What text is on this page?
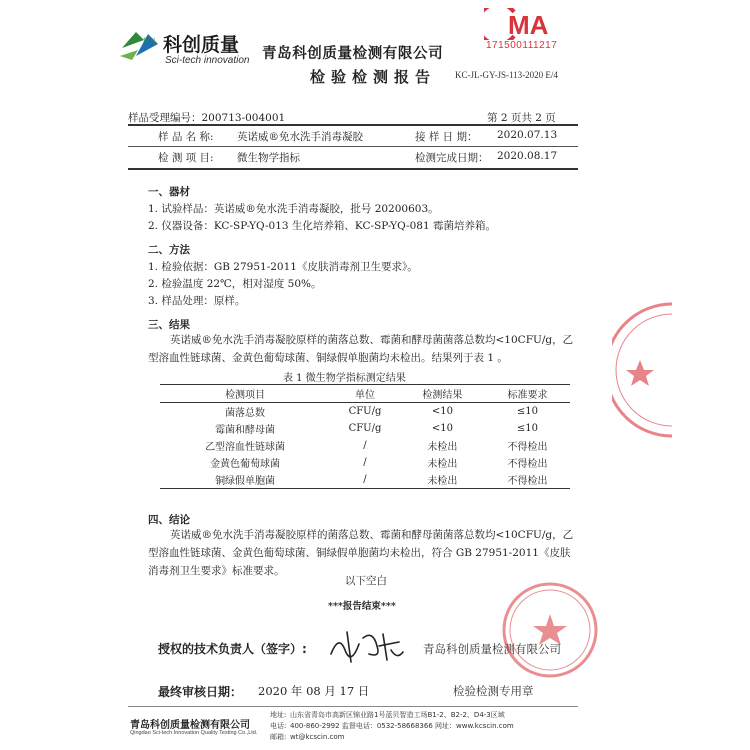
科创 科创质量
Sci-tech innovation 青岛科创质量检测有限公司
检验检测报告 KC-JL-GY-JS-113-2020 E/4
MA
171500111217
样品受理编号：200713-004001	第 2 页共 2 页
样 品 名 称: 英诺威®免水洗手消毒凝胶	接 样 日 期： 2020.07.13
检 测 项 目: 微生物学指标	检测完成日期： 2020.08.17
一、器材
1. 试验样品：英诺威®免水洗手消毒凝胶，批号 20200603。
2. 仪器设备：KC-SP-YQ-013 生化培养箱、KC-SP-YQ-081 霉菌培养箱。
二、方法
1. 检验依据：GB 27951-2011《皮肤消毒剂卫生要求》。
2. 检验温度 22℃，相对湿度 50%。
3. 样品处理：原样。
三、结果
英诺威®免水洗手消毒凝胶原样的菌落总数、霉菌和酵母菌菌落总数均<10CFU/g，乙型溶血性链球菌、金黄色葡萄球菌、铜绿假单胞菌均未检出。结果列于表 1 。
表 1 微生物学指标测定结果
检测项目	单位	检测结果	标准要求
菌落总数	CFU/g	<10	≤10
霉菌和酵母菌	CFU/g	<10	≤10
乙型溶血性链球菌	/	未检出	不得检出
金黄色葡萄球菌	/	未检出	不得检出
铜绿假单胞菌	/	未检出	不得检出
四、结论
英诺威®免水洗手消毒凝胶原样的菌落总数、霉菌和酵母菌菌落总数均<10CFU/g，乙型溶血性链球菌、金黄色葡萄球菌、铜绿假单胞菌均未检出，符合 GB 27951-2011《皮肤消毒剂卫生要求》标准要求。
以下空白
***报告结束***
授权的技术负责人（签字）:	青岛科创质量检测有限公司
最终审核日期： 2020 年 08 月 17 日	检验检测专用章
青岛科创质量检测有限公司
Qingdao Sci-tech Innovation Quality Testing Co.,Ltd.
地址: 山东省青岛市高新区锦业路1号蓝贝智造工场B1-2、B2-2、D4-3区域
电话: 400-860-2992 监督电话：0532-58668366 网址：www.kcscin.com
邮箱: wt@kcscin.com
